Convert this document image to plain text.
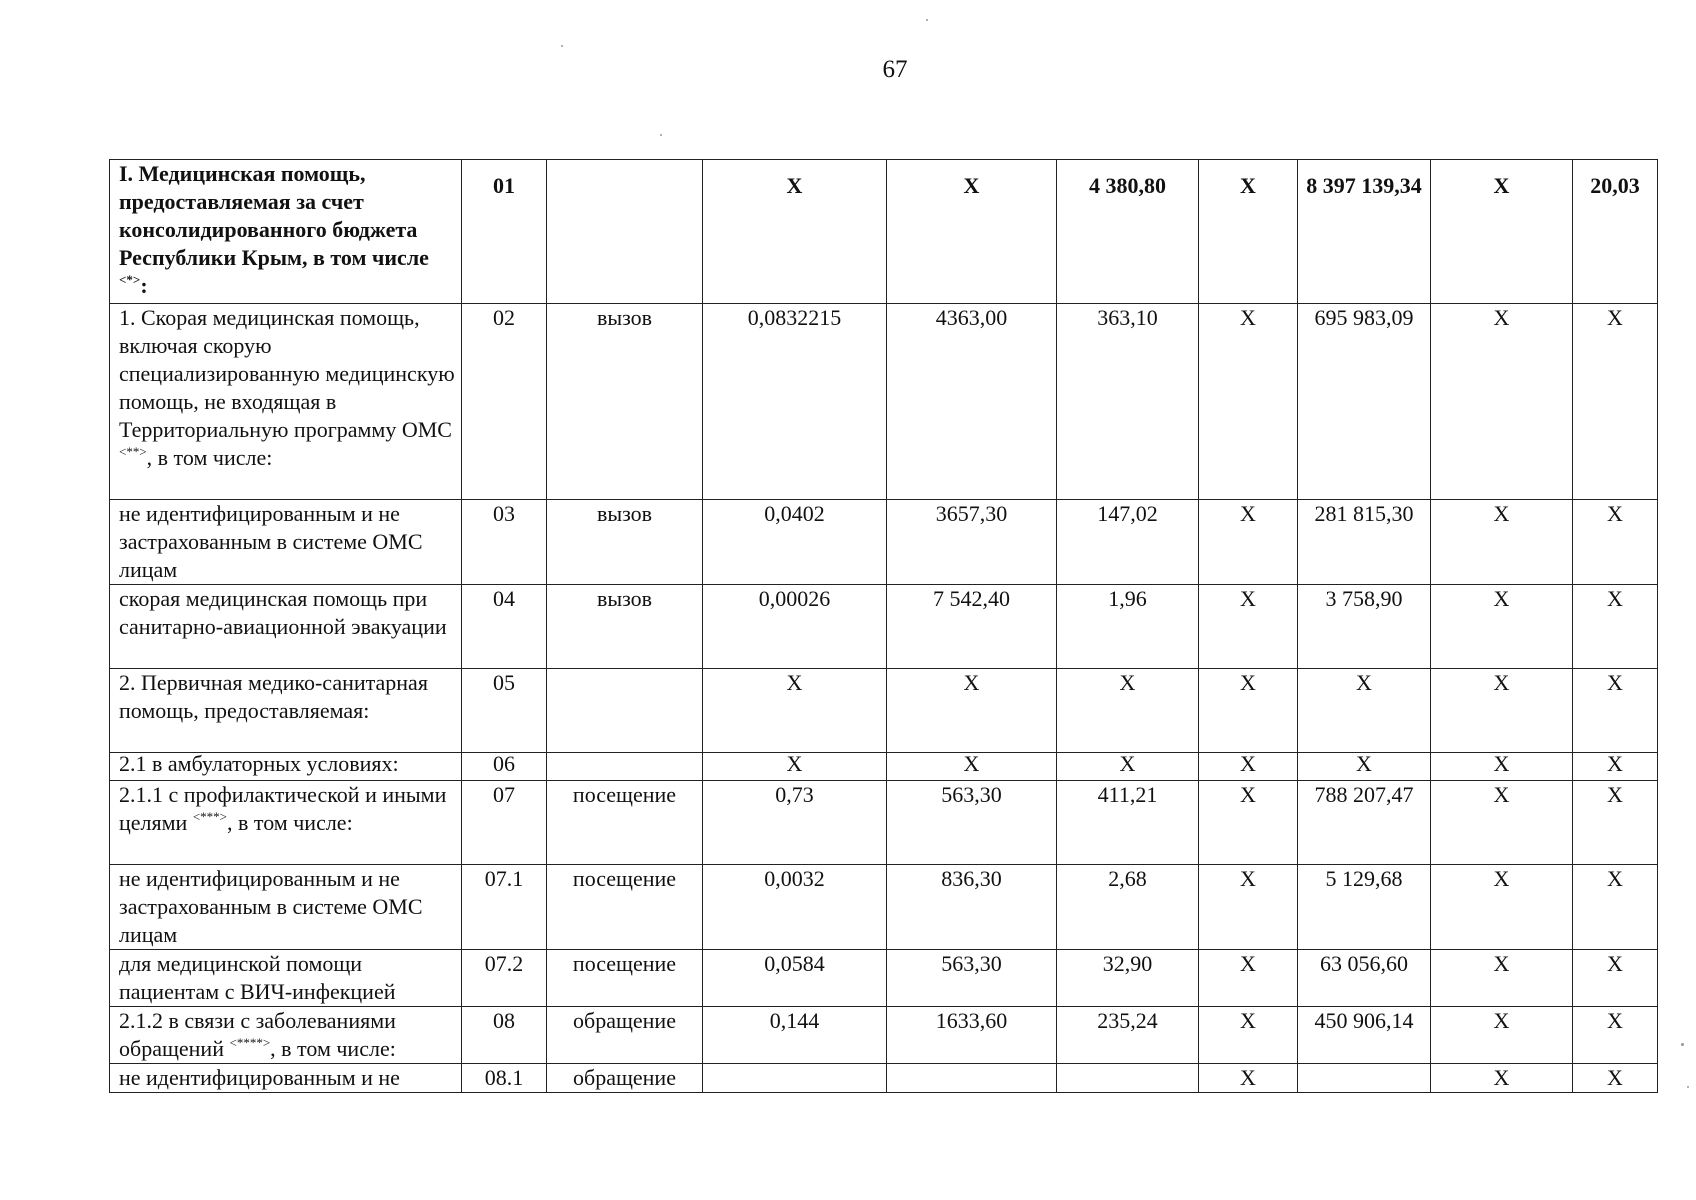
67
I. Медицинская помощь, предоставляемая за счет консолидированного бюджета Республики Крым, в том числе <*>:	01		X	X	4 380,80	X	8 397 139,34	X	20,03
1. Скорая медицинская помощь, включая скорую специализированную медицинскую помощь, не входящая в Территориальную программу ОМС <**>, в том числе:	02	вызов	0,0832215	4363,00	363,10	X	695 983,09	X	X
не идентифицированным и не застрахованным в системе ОМС лицам	03	вызов	0,0402	3657,30	147,02	X	281 815,30	X	X
скорая медицинская помощь при санитарно-авиационной эвакуации	04	вызов	0,00026	7 542,40	1,96	X	3 758,90	X	X
2. Первичная медико-санитарная помощь, предоставляемая:	05		X	X	X	X	X	X	X
2.1 в амбулаторных условиях:	06		X	X	X	X	X	X	X
2.1.1 с профилактической и иными целями <***>, в том числе:	07	посещение	0,73	563,30	411,21	X	788 207,47	X	X
не идентифицированным и не застрахованным в системе ОМС лицам	07.1	посещение	0,0032	836,30	2,68	X	5 129,68	X	X
для медицинской помощи пациентам с ВИЧ-инфекцией	07.2	посещение	0,0584	563,30	32,90	X	63 056,60	X	X
2.1.2 в связи с заболеваниями обращений <****>, в том числе:	08	обращение	0,144	1633,60	235,24	X	450 906,14	X	X
не идентифицированным и не	08.1	обращение				X		X	X
